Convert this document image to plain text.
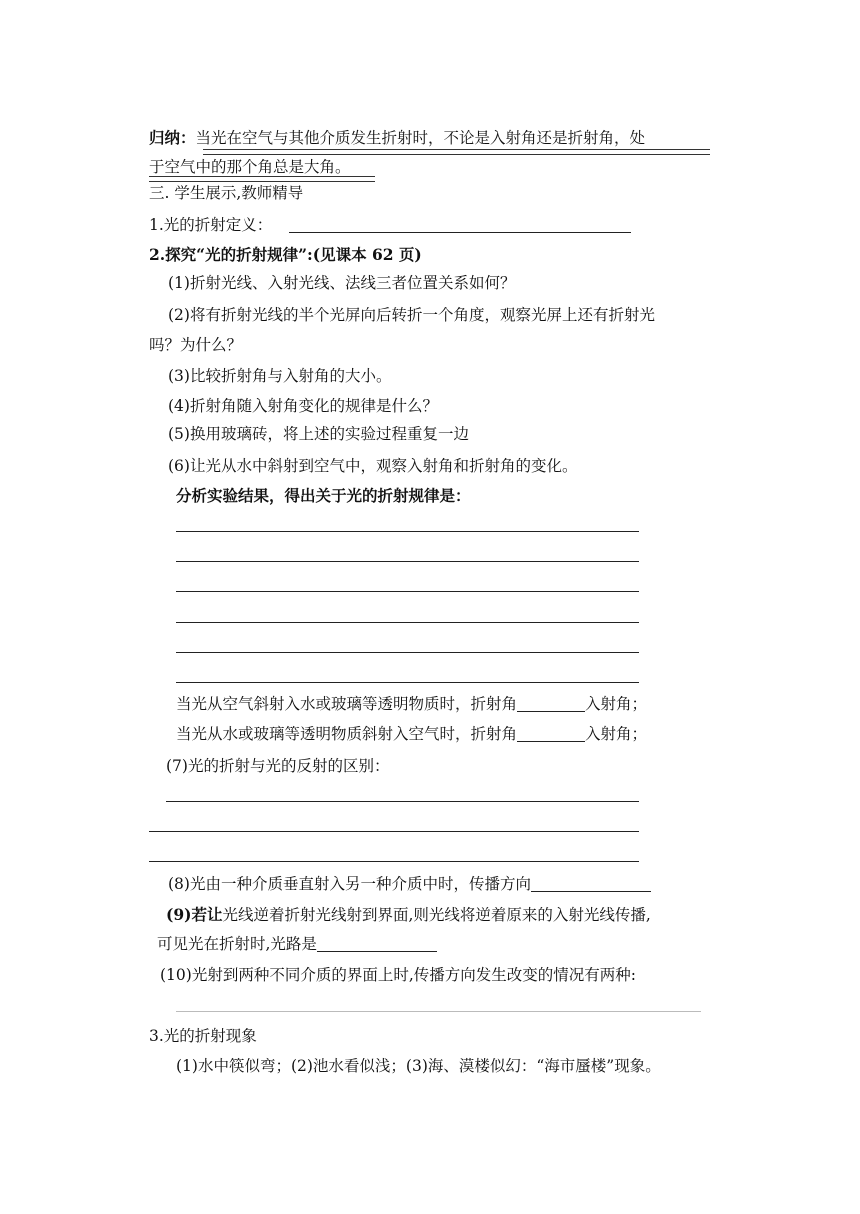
归纳：当光在空气与其他介质发生折射时，不论是入射角还是折射角，处
于空气中的那个角总是大角。
三. 学生展示,教师精导
1.光的折射定义：
2.探究“光的折射规律”:(见课本 62 页)
(1)折射光线、入射光线、法线三者位置关系如何？
(2)将有折射光线的半个光屏向后转折一个角度，观察光屏上还有折射光
吗？为什么？
(3)比较折射角与入射角的大小。
(4)折射角随入射角变化的规律是什么？
(5)换用玻璃砖，将上述的实验过程重复一边
(6)让光从水中斜射到空气中，观察入射角和折射角的变化。
分析实验结果，得出关于光的折射规律是：
当光从空气斜射入水或玻璃等透明物质时，折射角	入射角；
当光从水或玻璃等透明物质斜射入空气时，折射角	入射角；
(7)光的折射与光的反射的区别：
(8)光由一种介质垂直射入另一种介质中时，传播方向
(9)若让光线逆着折射光线射到界面,则光线将逆着原来的入射光线传播,
可见光在折射时,光路是
(10)光射到两种不同介质的界面上时,传播方向发生改变的情况有两种:
3.光的折射现象
(1)水中筷似弯；(2)池水看似浅；(3)海、漠楼似幻：“海市蜃楼”现象。
